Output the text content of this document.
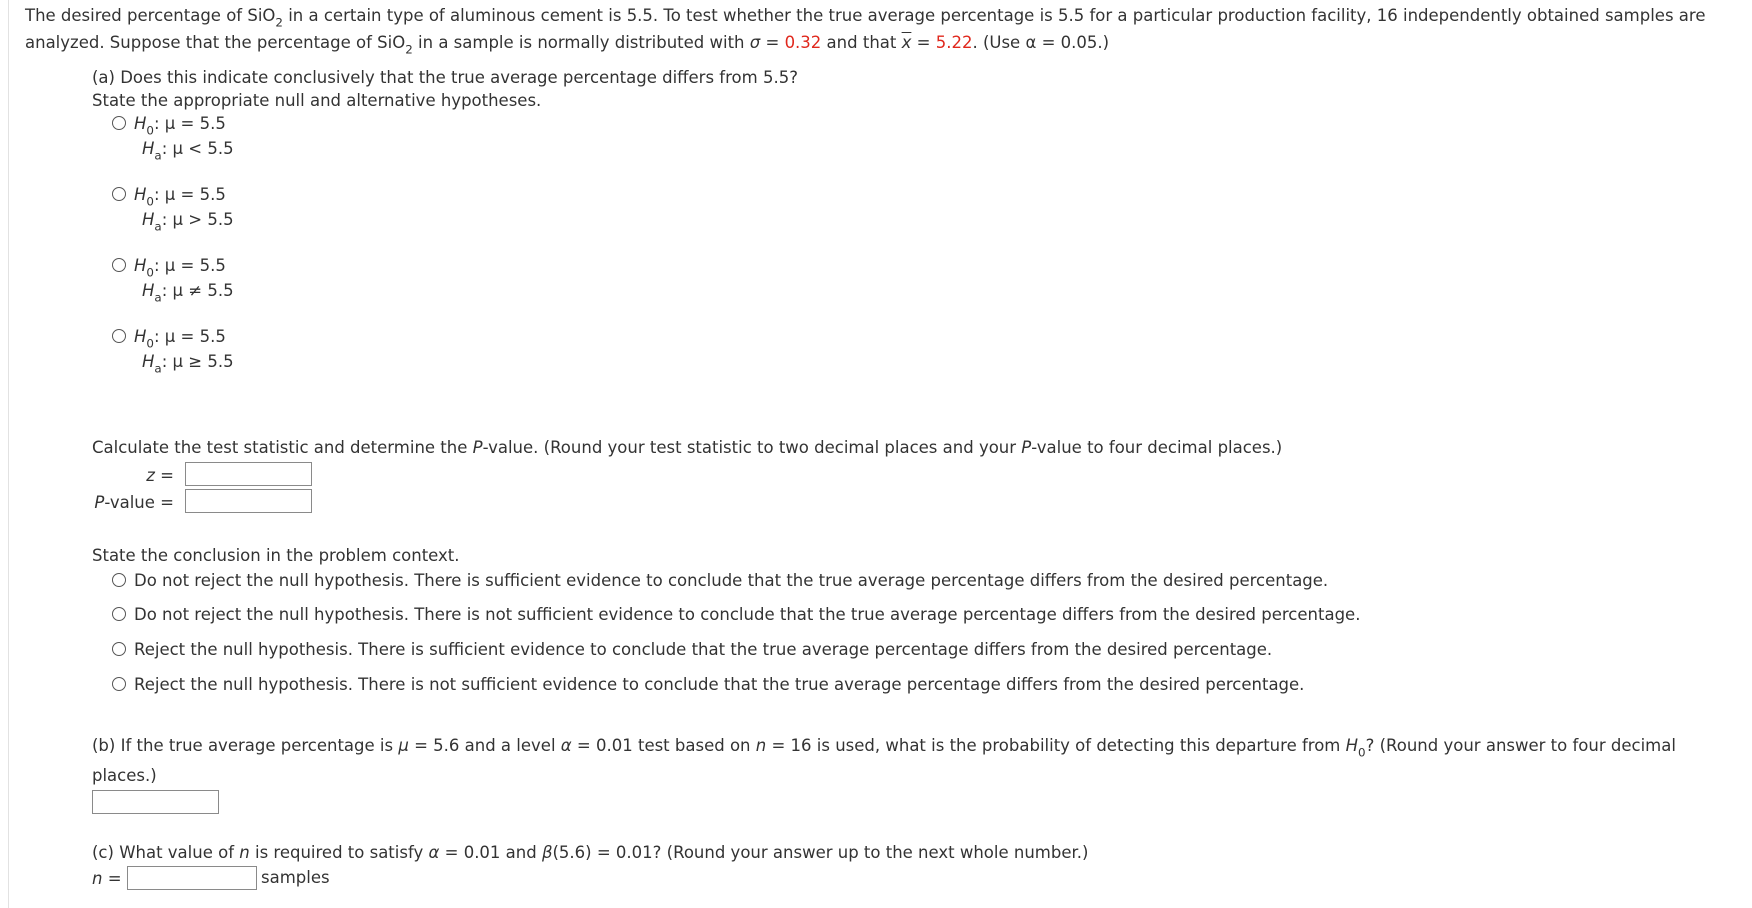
The desired percentage of SiO$_2$ in a certain type of aluminous cement is 5.5. To test whether the true average percentage is 5.5 for a particular production facility, 16 independently obtained samples are
analyzed. Suppose that the percentage of SiO$_2$ in a sample is normally distributed with σ = 0.32 and that $\overline{x} = 5.22$. (Use α = 0.05.)
(a) Does this indicate conclusively that the true average percentage differs from 5.5?
State the appropriate null and alternative hypotheses.
$H_0$: μ = 5.5
$H_a$: μ < 5.5
$H_0$: μ = 5.5
$H_a$: μ > 5.5
$H_0$: μ = 5.5
$H_a$: μ ≠ 5.5
$H_0$: μ = 5.5
$H_a$: μ ≥ 5.5
Calculate the test statistic and determine the P-value. (Round your test statistic to two decimal places and your P-value to four decimal places.)
z =
P-value =
State the conclusion in the problem context.
Do not reject the null hypothesis. There is sufficient evidence to conclude that the true average percentage differs from the desired percentage.
Do not reject the null hypothesis. There is not sufficient evidence to conclude that the true average percentage differs from the desired percentage.
Reject the null hypothesis. There is sufficient evidence to conclude that the true average percentage differs from the desired percentage.
Reject the null hypothesis. There is not sufficient evidence to conclude that the true average percentage differs from the desired percentage.
(b) If the true average percentage is μ = 5.6 and a level α = 0.01 test based on n = 16 is used, what is the probability of detecting this departure from $H_0$? (Round your answer to four decimal
places.)
(c) What value of n is required to satisfy α = 0.01 and β(5.6) = 0.01? (Round your answer up to the next whole number.)
n =	samples
